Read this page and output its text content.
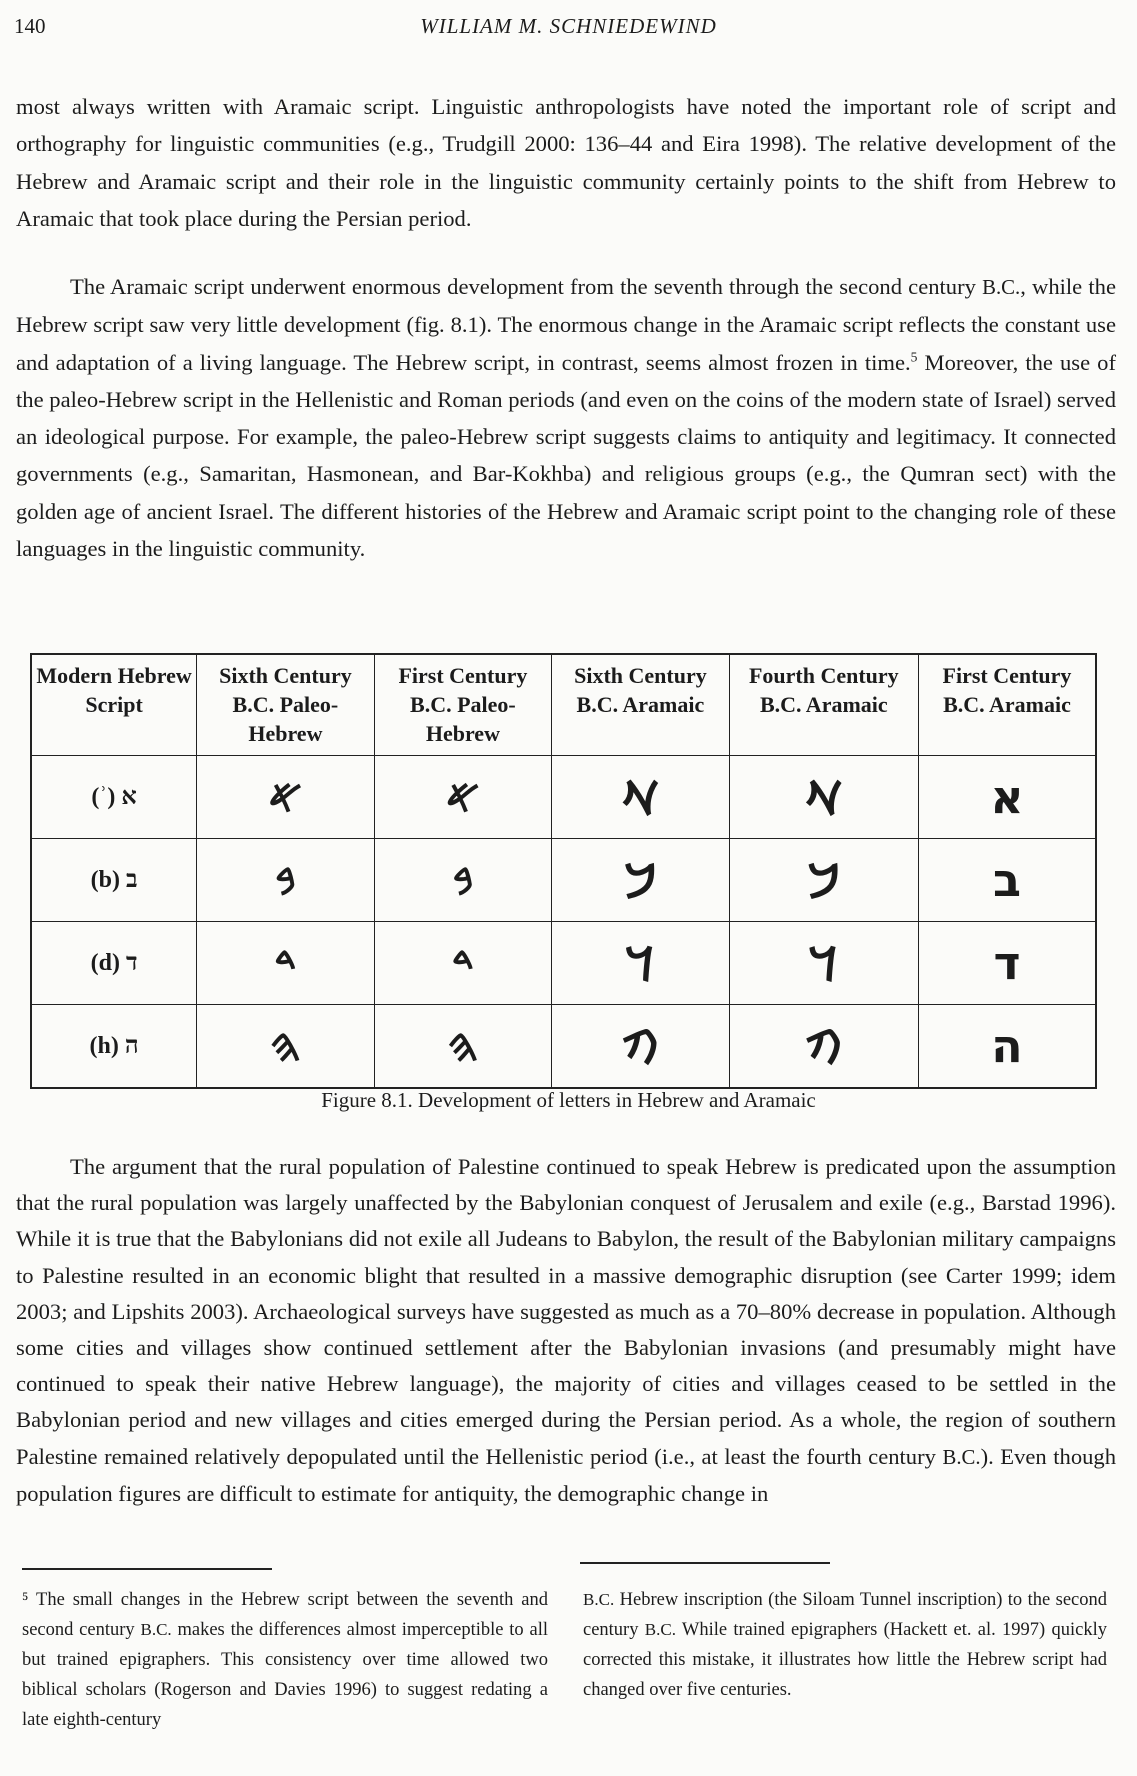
140	WILLIAM M. SCHNIEDEWIND

most always written with Aramaic script. Linguistic anthropologists have noted the important role of script and orthography for linguistic communities (e.g., Trudgill 2000: 136–44 and Eira 1998). The relative development of the Hebrew and Aramaic script and their role in the linguistic community certainly points to the shift from Hebrew to Aramaic that took place during the Persian period.

The Aramaic script underwent enormous development from the seventh through the second century B.C., while the Hebrew script saw very little development (fig. 8.1). The enormous change in the Aramaic script reflects the constant use and adaptation of a living language. The Hebrew script, in contrast, seems almost frozen in time.$^5$ Moreover, the use of the paleo-Hebrew script in the Hellenistic and Roman periods (and even on the coins of the modern state of Israel) served an ideological purpose. For example, the paleo-Hebrew script suggests claims to antiquity and legitimacy. It connected governments (e.g., Samaritan, Hasmonean, and Bar-Kokhba) and religious groups (e.g., the Qumran sect) with the golden age of ancient Israel. The different histories of the Hebrew and Aramaic script point to the changing role of these languages in the linguistic community.

Modern Hebrew Script	Sixth Century B.C. Paleo-Hebrew	First Century B.C. Paleo-Hebrew	Sixth Century B.C. Aramaic	Fourth Century B.C. Aramaic	First Century B.C. Aramaic
(ʾ) א	𐤀	𐤀	𐡀	𐡀	א
(b) ב	𐤁	𐤁	𐡁	𐡁	ב
(d) ד	𐤃	𐤃	𐡃	𐡃	ד
(h) ה	𐤄	𐤄	𐡄	𐡄	ה

Figure 8.1. Development of letters in Hebrew and Aramaic

The argument that the rural population of Palestine continued to speak Hebrew is predicated upon the assumption that the rural population was largely unaffected by the Babylonian conquest of Jerusalem and exile (e.g., Barstad 1996). While it is true that the Babylonians did not exile all Judeans to Babylon, the result of the Babylonian military campaigns to Palestine resulted in an economic blight that resulted in a massive demographic disruption (see Carter 1999; idem 2003; and Lipshits 2003). Archaeological surveys have suggested as much as a 70–80% decrease in population. Although some cities and villages show continued settlement after the Babylonian invasions (and presumably might have continued to speak their native Hebrew language), the majority of cities and villages ceased to be settled in the Babylonian period and new villages and cities emerged during the Persian period. As a whole, the region of southern Palestine remained relatively depopulated until the Hellenistic period (i.e., at least the fourth century B.C.). Even though population figures are difficult to estimate for antiquity, the demographic change in

⁵ The small changes in the Hebrew script between the seventh and second century B.C. makes the differences almost imperceptible to all but trained epigraphers. This consistency over time allowed two biblical scholars (Rogerson and Davies 1996) to suggest redating a late eighth-century

B.C. Hebrew inscription (the Siloam Tunnel inscription) to the second century B.C. While trained epigraphers (Hackett et. al. 1997) quickly corrected this mistake, it illustrates how little the Hebrew script had changed over five centuries.
